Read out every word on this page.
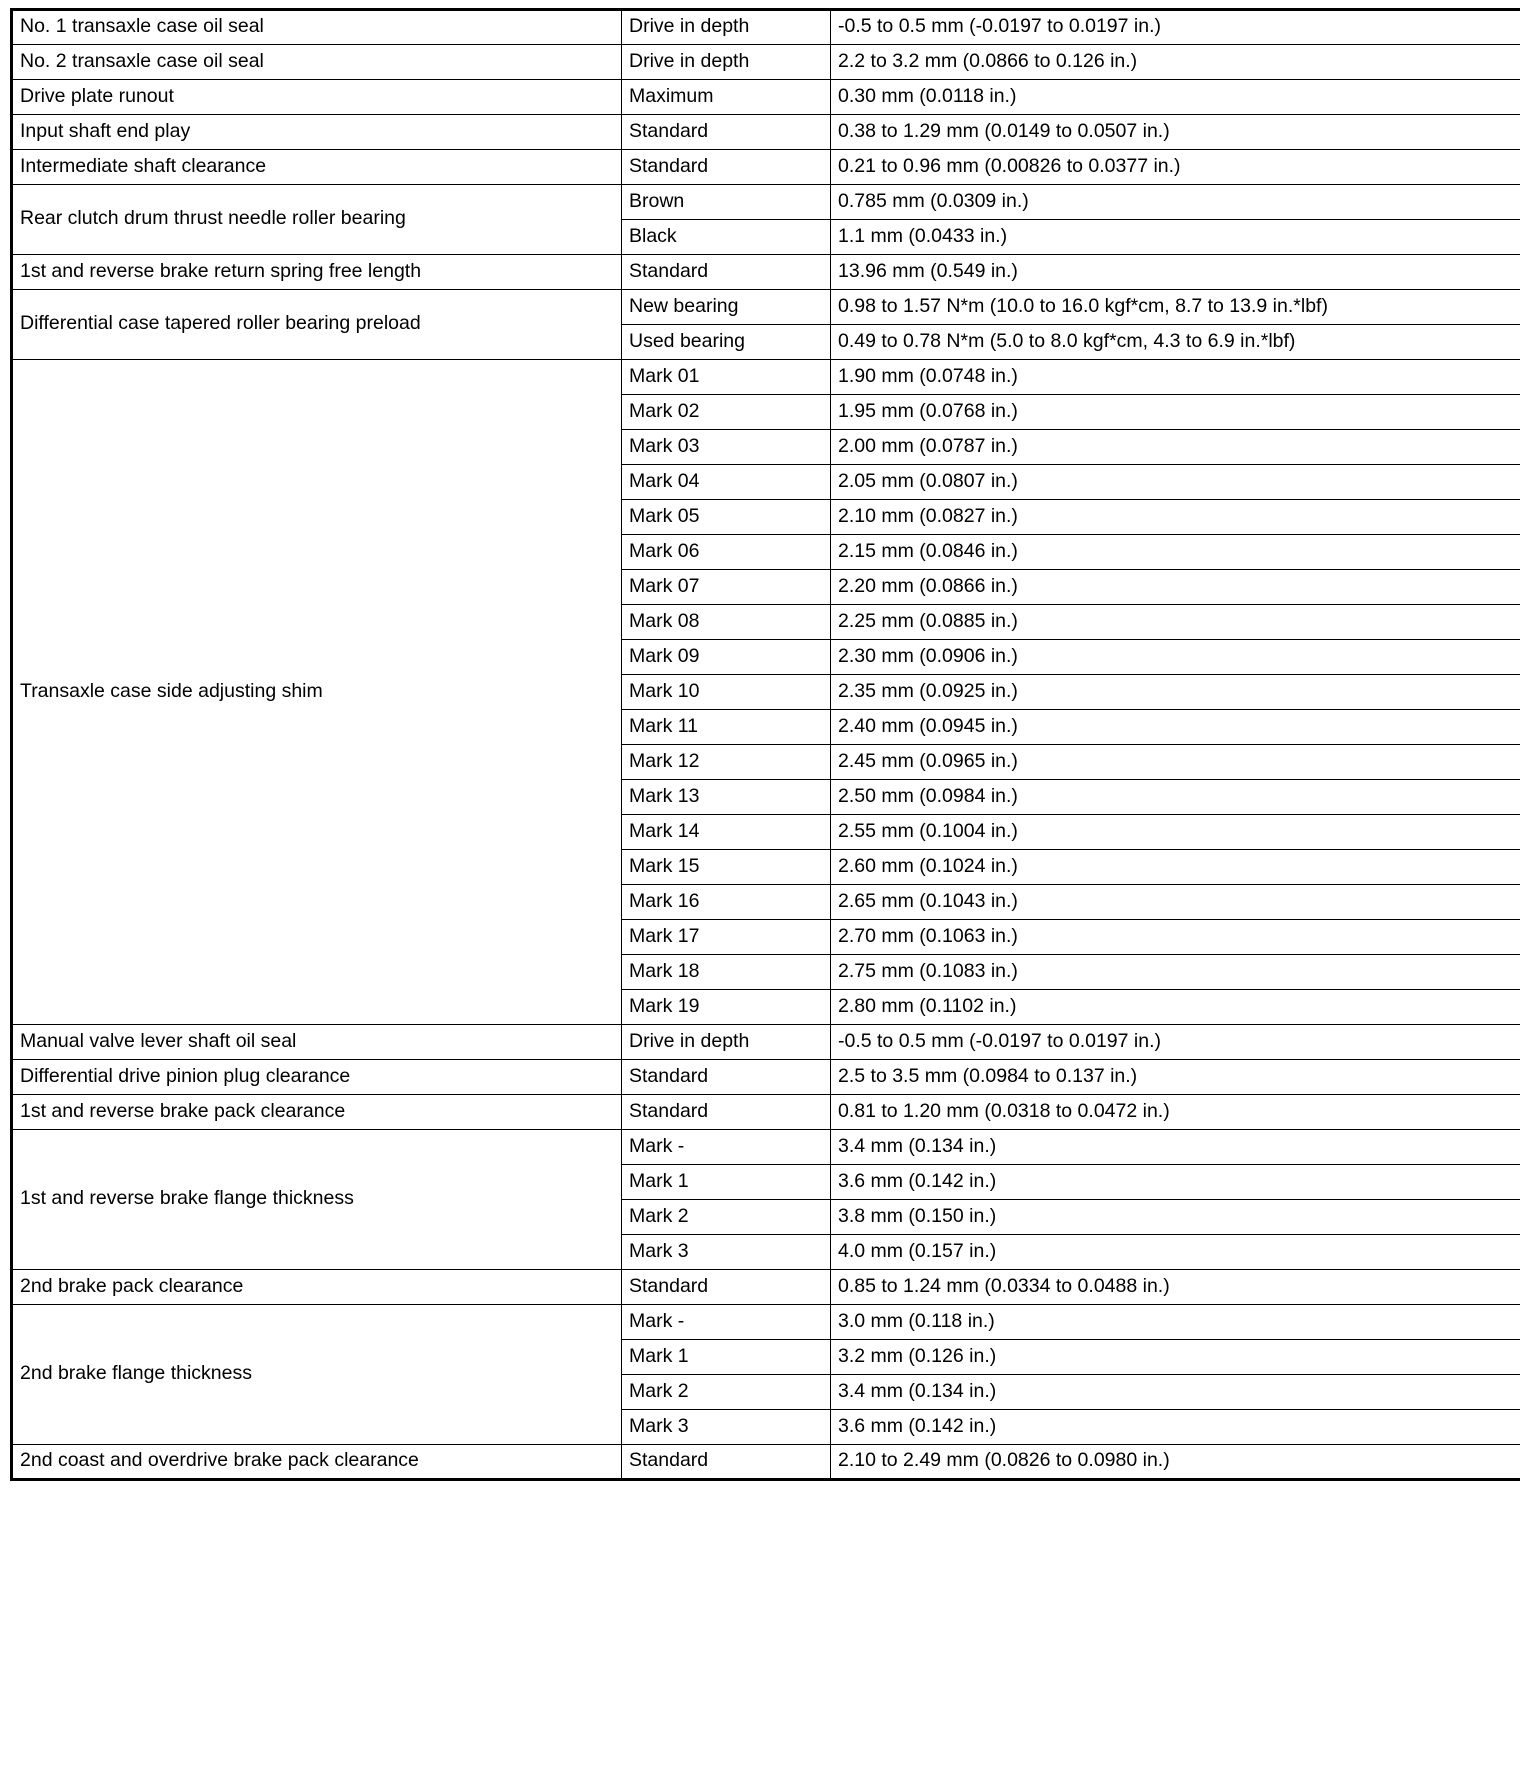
No. 1 transaxle case oil seal	Drive in depth	-0.5 to 0.5 mm (-0.0197 to 0.0197 in.)
No. 2 transaxle case oil seal	Drive in depth	2.2 to 3.2 mm (0.0866 to 0.126 in.)
Drive plate runout	Maximum	0.30 mm (0.0118 in.)
Input shaft end play	Standard	0.38 to 1.29 mm (0.0149 to 0.0507 in.)
Intermediate shaft clearance	Standard	0.21 to 0.96 mm (0.00826 to 0.0377 in.)
Rear clutch drum thrust needle roller bearing	Brown	0.785 mm (0.0309 in.)
	Black	1.1 mm (0.0433 in.)
1st and reverse brake return spring free length	Standard	13.96 mm (0.549 in.)
Differential case tapered roller bearing preload	New bearing	0.98 to 1.57 N*m (10.0 to 16.0 kgf*cm, 8.7 to 13.9 in.*lbf)
	Used bearing	0.49 to 0.78 N*m (5.0 to 8.0 kgf*cm, 4.3 to 6.9 in.*lbf)
Transaxle case side adjusting shim	Mark 01	1.90 mm (0.0748 in.)
	Mark 02	1.95 mm (0.0768 in.)
	Mark 03	2.00 mm (0.0787 in.)
	Mark 04	2.05 mm (0.0807 in.)
	Mark 05	2.10 mm (0.0827 in.)
	Mark 06	2.15 mm (0.0846 in.)
	Mark 07	2.20 mm (0.0866 in.)
	Mark 08	2.25 mm (0.0885 in.)
	Mark 09	2.30 mm (0.0906 in.)
	Mark 10	2.35 mm (0.0925 in.)
	Mark 11	2.40 mm (0.0945 in.)
	Mark 12	2.45 mm (0.0965 in.)
	Mark 13	2.50 mm (0.0984 in.)
	Mark 14	2.55 mm (0.1004 in.)
	Mark 15	2.60 mm (0.1024 in.)
	Mark 16	2.65 mm (0.1043 in.)
	Mark 17	2.70 mm (0.1063 in.)
	Mark 18	2.75 mm (0.1083 in.)
	Mark 19	2.80 mm (0.1102 in.)
Manual valve lever shaft oil seal	Drive in depth	-0.5 to 0.5 mm (-0.0197 to 0.0197 in.)
Differential drive pinion plug clearance	Standard	2.5 to 3.5 mm (0.0984 to 0.137 in.)
1st and reverse brake pack clearance	Standard	0.81 to 1.20 mm (0.0318 to 0.0472 in.)
1st and reverse brake flange thickness	Mark -	3.4 mm (0.134 in.)
	Mark 1	3.6 mm (0.142 in.)
	Mark 2	3.8 mm (0.150 in.)
	Mark 3	4.0 mm (0.157 in.)
2nd brake pack clearance	Standard	0.85 to 1.24 mm (0.0334 to 0.0488 in.)
2nd brake flange thickness	Mark -	3.0 mm (0.118 in.)
	Mark 1	3.2 mm (0.126 in.)
	Mark 2	3.4 mm (0.134 in.)
	Mark 3	3.6 mm (0.142 in.)
2nd coast and overdrive brake pack clearance	Standard	2.10 to 2.49 mm (0.0826 to 0.0980 in.)
